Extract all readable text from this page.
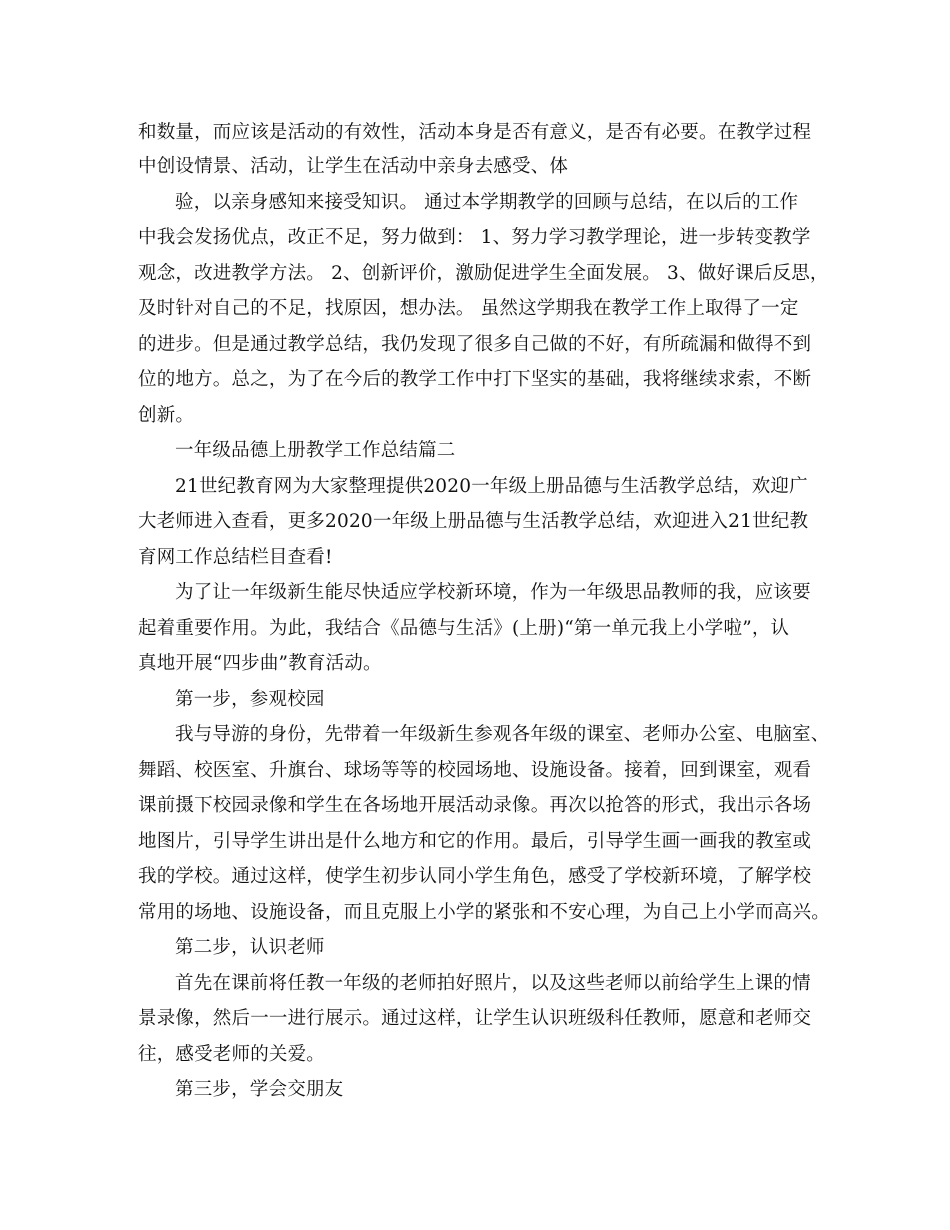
和数量，而应该是活动的有效性，活动本身是否有意义，是否有必要。在教学过程
中创设情景、活动，让学生在活动中亲身去感受、体
验，以亲身感知来接受知识。 通过本学期教学的回顾与总结，在以后的工作
中我会发扬优点，改正不足，努力做到： 1、努力学习教学理论，进一步转变教学
观念，改进教学方法。 2、创新评价，激励促进学生全面发展。 3、做好课后反思，
及时针对自己的不足，找原因，想办法。 虽然这学期我在教学工作上取得了一定
的进步。但是通过教学总结，我仍发现了很多自己做的不好，有所疏漏和做得不到
位的地方。总之，为了在今后的教学工作中打下坚实的基础，我将继续求索，不断
创新。
一年级品德上册教学工作总结篇二
21世纪教育网为大家整理提供2020一年级上册品德与生活教学总结，欢迎广
大老师进入查看，更多2020一年级上册品德与生活教学总结，欢迎进入21世纪教
育网工作总结栏目查看!
为了让一年级新生能尽快适应学校新环境，作为一年级思品教师的我，应该要
起着重要作用。为此，我结合《品德与生活》(上册)“第一单元我上小学啦”，认
真地开展“四步曲”教育活动。
第一步，参观校园
我与导游的身份，先带着一年级新生参观各年级的课室、老师办公室、电脑室、
舞蹈、校医室、升旗台、球场等等的校园场地、设施设备。接着，回到课室，观看
课前摄下校园录像和学生在各场地开展活动录像。再次以抢答的形式，我出示各场
地图片，引导学生讲出是什么地方和它的作用。最后，引导学生画一画我的教室或
我的学校。通过这样，使学生初步认同小学生角色，感受了学校新环境，了解学校
常用的场地、设施设备，而且克服上小学的紧张和不安心理，为自己上小学而高兴。
第二步，认识老师
首先在课前将任教一年级的老师拍好照片，以及这些老师以前给学生上课的情
景录像，然后一一进行展示。通过这样，让学生认识班级科任教师，愿意和老师交
往，感受老师的关爱。
第三步，学会交朋友
